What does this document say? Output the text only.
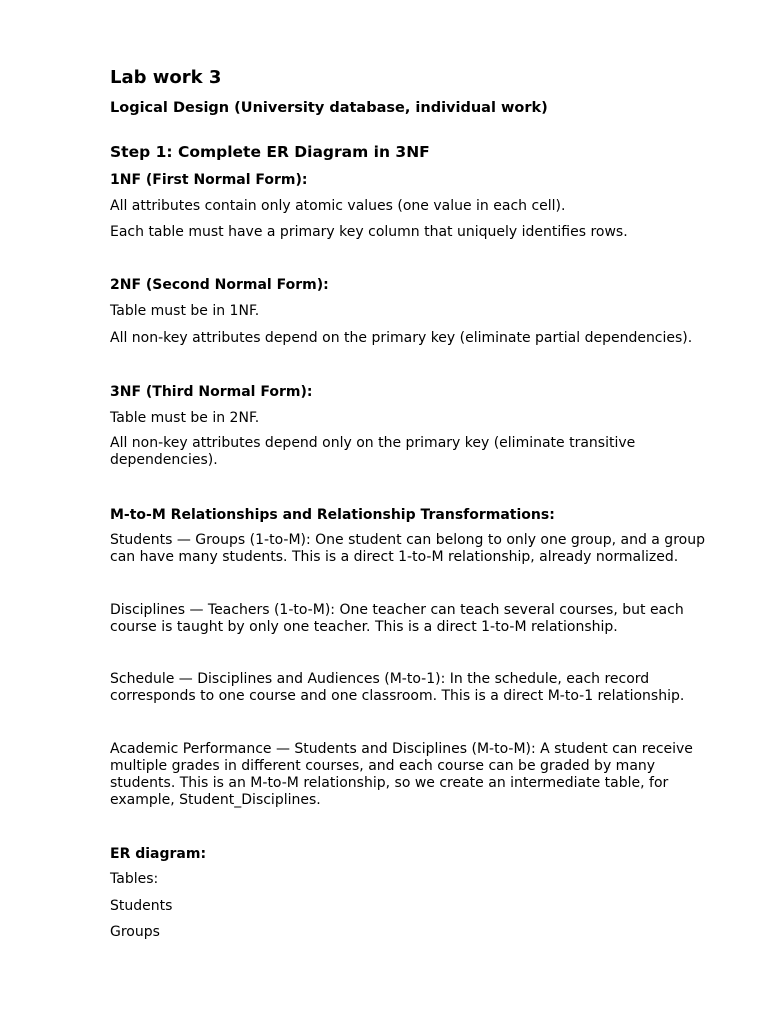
Lab work 3
Logical Design (University database, individual work)
Step 1: Complete ER Diagram in 3NF
1NF (First Normal Form):
All attributes contain only atomic values (one value in each cell).
Each table must have a primary key column that uniquely identifies rows.
2NF (Second Normal Form):
Table must be in 1NF.
All non-key attributes depend on the primary key (eliminate partial dependencies).
3NF (Third Normal Form):
Table must be in 2NF.
All non-key attributes depend only on the primary key (eliminate transitive dependencies).
M-to-M Relationships and Relationship Transformations:
Students — Groups (1-to-M): One student can belong to only one group, and a group can have many students. This is a direct 1-to-M relationship, already normalized.
Disciplines — Teachers (1-to-M): One teacher can teach several courses, but each course is taught by only one teacher. This is a direct 1-to-M relationship.
Schedule — Disciplines and Audiences (M-to-1): In the schedule, each record corresponds to one course and one classroom. This is a direct M-to-1 relationship.
Academic Performance — Students and Disciplines (M-to-M): A student can receive multiple grades in different courses, and each course can be graded by many students. This is an M-to-M relationship, so we create an intermediate table, for example, Student_Disciplines.
ER diagram:
Tables:
Students
Groups
